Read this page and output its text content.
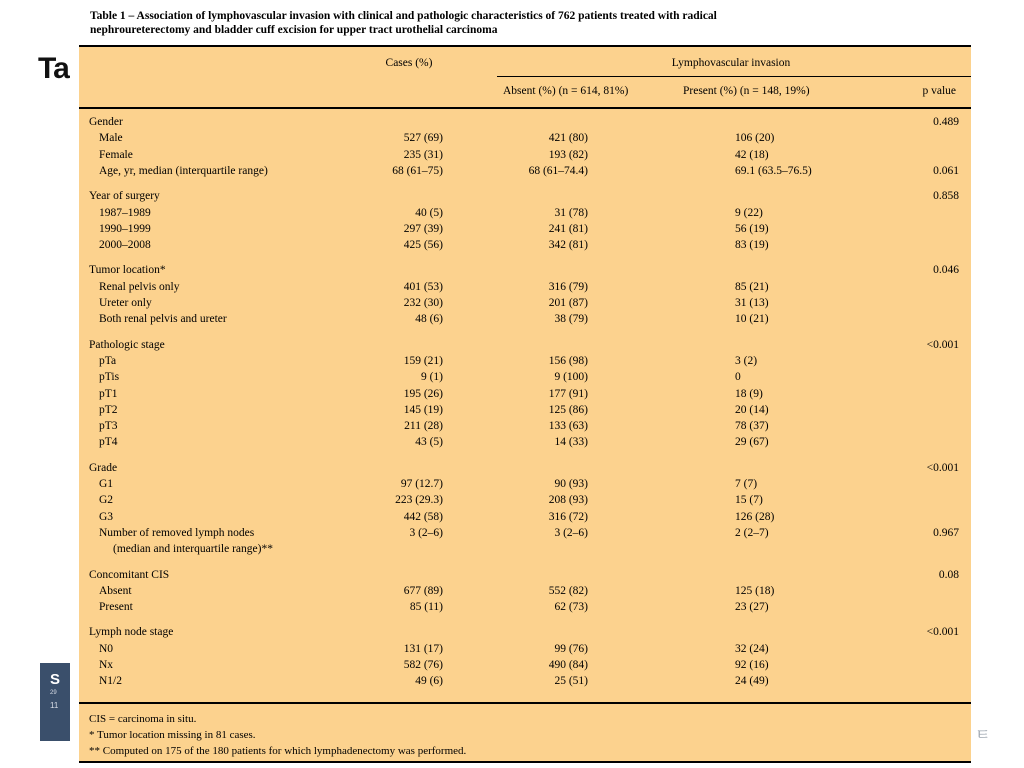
Ta
S
29
11
ㅌ
Table 1 – Association of lymphovascular invasion with clinical and pathologic characteristics of 762 patients treated with radical
nephroureterectomy and bladder cuff excision for upper tract urothelial carcinoma
Cases (%)	Lymphovascular invasion
Absent (%) (n = 614, 81%)	Present (%) (n = 148, 19%)	p value
Gender	0.489
Male	527 (69)	421 (80)	106 (20)
Female	235 (31)	193 (82)	42 (18)
Age, yr, median (interquartile range)	68 (61–75)	68 (61–74.4)	69.1 (63.5–76.5)	0.061
Year of surgery	0.858
1987–1989	40 (5)	31 (78)	9 (22)
1990–1999	297 (39)	241 (81)	56 (19)
2000–2008	425 (56)	342 (81)	83 (19)
Tumor location*	0.046
Renal pelvis only	401 (53)	316 (79)	85 (21)
Ureter only	232 (30)	201 (87)	31 (13)
Both renal pelvis and ureter	48 (6)	38 (79)	10 (21)
Pathologic stage	<0.001
pTa	159 (21)	156 (98)	3 (2)
pTis	9 (1)	9 (100)	0
pT1	195 (26)	177 (91)	18 (9)
pT2	145 (19)	125 (86)	20 (14)
pT3	211 (28)	133 (63)	78 (37)
pT4	43 (5)	14 (33)	29 (67)
Grade	<0.001
G1	97 (12.7)	90 (93)	7 (7)
G2	223 (29.3)	208 (93)	15 (7)
G3	442 (58)	316 (72)	126 (28)
Number of removed lymph nodes	3 (2–6)	3 (2–6)	2 (2–7)	0.967
(median and interquartile range)**
Concomitant CIS	0.08
Absent	677 (89)	552 (82)	125 (18)
Present	85 (11)	62 (73)	23 (27)
Lymph node stage	<0.001
N0	131 (17)	99 (76)	32 (24)
Nx	582 (76)	490 (84)	92 (16)
N1/2	49 (6)	25 (51)	24 (49)
CIS = carcinoma in situ.
* Tumor location missing in 81 cases.
** Computed on 175 of the 180 patients for which lymphadenectomy was performed.
